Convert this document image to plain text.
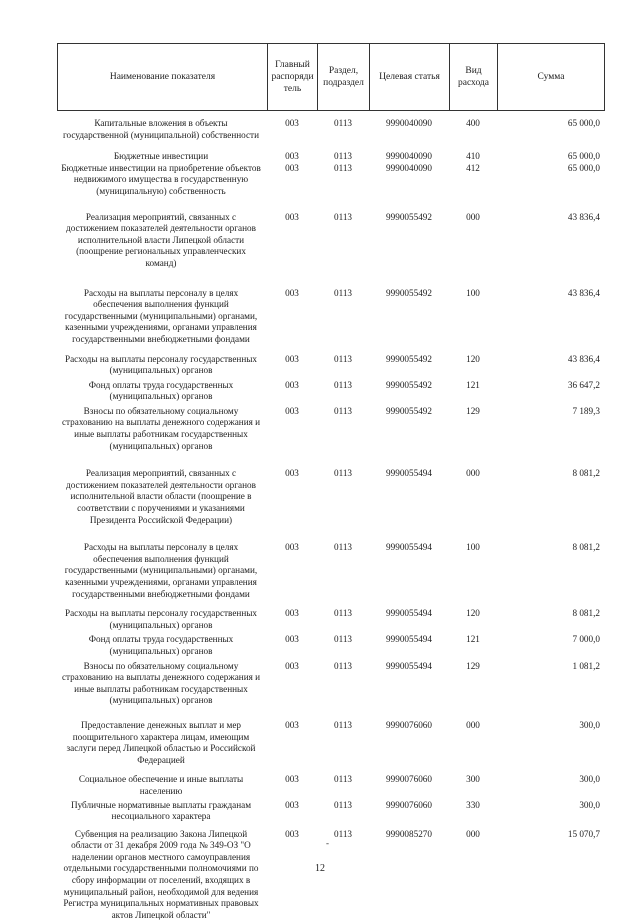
Наименование показателя	Главный распоряди тель	Раздел, подраздел	Целевая статья	Вид расхода	Сумма
Капитальные вложения в объекты государственной (муниципальной) собственности	003	0113	9990040090	400	65 000,0
Бюджетные инвестиции	003	0113	9990040090	410	65 000,0
Бюджетные инвестиции на приобретение объектов недвижимого имущества в государственную (муниципальную) собственность	003	0113	9990040090	412	65 000,0
Реализация мероприятий, связанных с достижением показателей деятельности органов исполнительной власти Липецкой области (поощрение региональных управленческих команд)	003	0113	9990055492	000	43 836,4
Расходы на выплаты персоналу в целях обеспечения выполнения функций государственными (муниципальными) органами, казенными учреждениями, органами управления государственными внебюджетными фондами	003	0113	9990055492	100	43 836,4
Расходы на выплаты персоналу государственных (муниципальных) органов	003	0113	9990055492	120	43 836,4
Фонд оплаты труда государственных (муниципальных) органов	003	0113	9990055492	121	36 647,2
Взносы по обязательному социальному страхованию на выплаты денежного содержания и иные выплаты работникам государственных (муниципальных) органов	003	0113	9990055492	129	7 189,3
Реализация мероприятий, связанных с достижением показателей деятельности органов исполнительной власти области (поощрение в соответствии с поручениями и указаниями Президента Российской Федерации)	003	0113	9990055494	000	8 081,2
Расходы на выплаты персоналу в целях обеспечения выполнения функций государственными (муниципальными) органами, казенными учреждениями, органами управления государственными внебюджетными фондами	003	0113	9990055494	100	8 081,2
Расходы на выплаты персоналу государственных (муниципальных) органов	003	0113	9990055494	120	8 081,2
Фонд оплаты труда государственных (муниципальных) органов	003	0113	9990055494	121	7 000,0
Взносы по обязательному социальному страхованию на выплаты денежного содержания и иные выплаты работникам государственных (муниципальных) органов	003	0113	9990055494	129	1 081,2
Предоставление денежных выплат и мер поощрительного характера лицам, имеющим заслуги перед Липецкой областью и Российской Федерацией	003	0113	9990076060	000	300,0
Социальное обеспечение и иные выплаты населению	003	0113	9990076060	300	300,0
Публичные нормативные выплаты гражданам несоциального характера	003	0113	9990076060	330	300,0
Субвенция на реализацию Закона Липецкой области от 31 декабря 2009 года № 349-ОЗ "О наделении органов местного самоуправления отдельными государственными полномочиями по сбору информации от поселений, входящих в муниципальный район, необходимой для ведения Регистра муниципальных нормативных правовых актов Липецкой области"	003	0113	9990085270	000	15 070,7
-
12
